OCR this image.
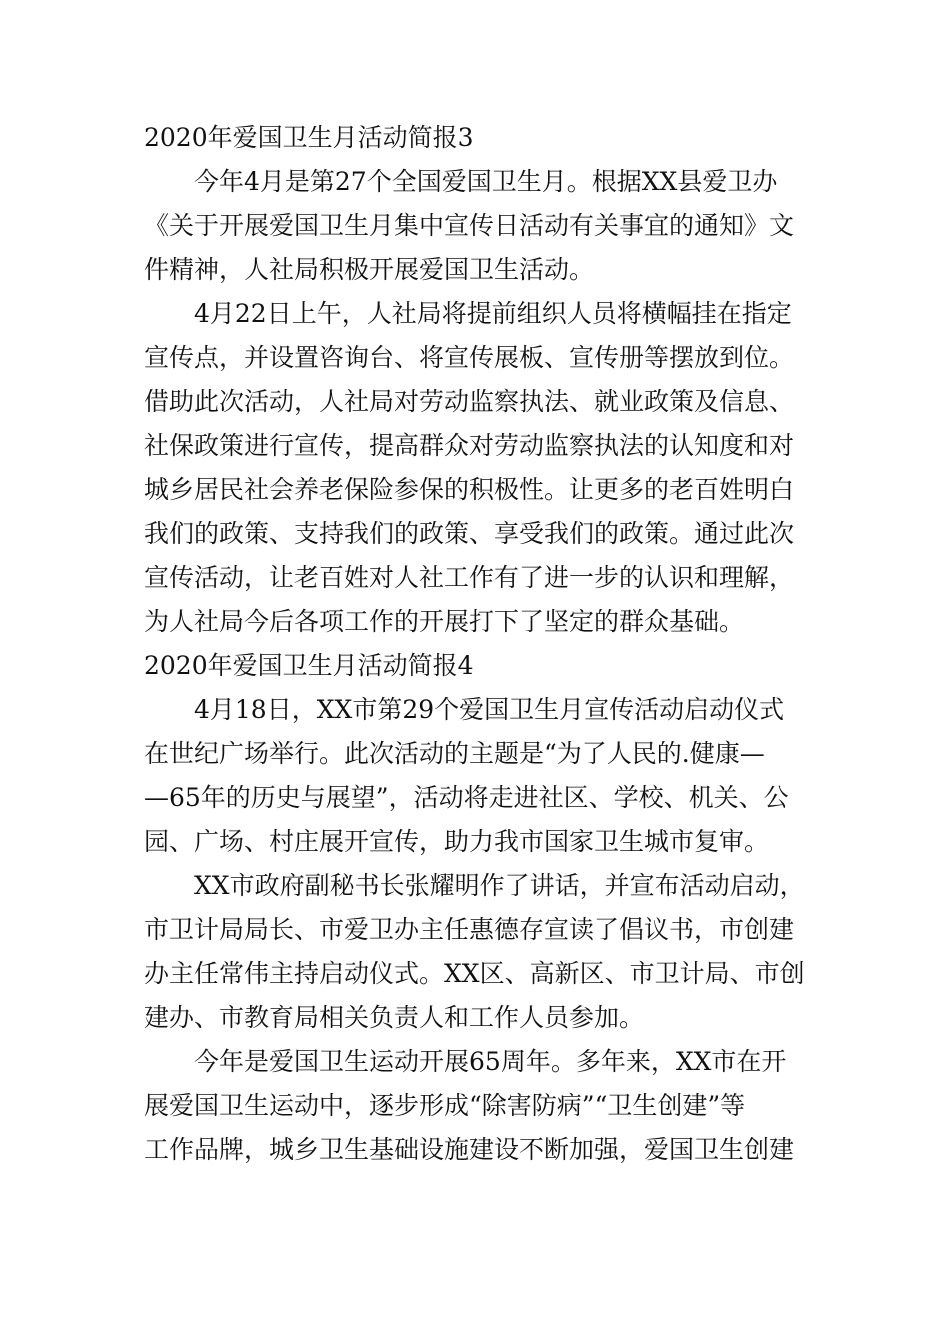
2020年爱国卫生月活动简报3
今年4月是第27个全国爱国卫生月。根据XX县爱卫办
《关于开展爱国卫生月集中宣传日活动有关事宜的通知》文
件精神，人社局积极开展爱国卫生活动。
4月22日上午，人社局将提前组织人员将横幅挂在指定
宣传点，并设置咨询台、将宣传展板、宣传册等摆放到位。
借助此次活动，人社局对劳动监察执法、就业政策及信息、
社保政策进行宣传，提高群众对劳动监察执法的认知度和对
城乡居民社会养老保险参保的积极性。让更多的老百姓明白
我们的政策、支持我们的政策、享受我们的政策。通过此次
宣传活动，让老百姓对人社工作有了进一步的认识和理解，
为人社局今后各项工作的开展打下了坚定的群众基础。
2020年爱国卫生月活动简报4
4月18日，XX市第29个爱国卫生月宣传活动启动仪式
在世纪广场举行。此次活动的主题是“为了人民的.健康—
—65年的历史与展望”，活动将走进社区、学校、机关、公
园、广场、村庄展开宣传，助力我市国家卫生城市复审。
XX市政府副秘书长张耀明作了讲话，并宣布活动启动，
市卫计局局长、市爱卫办主任惠德存宣读了倡议书，市创建
办主任常伟主持启动仪式。XX区、高新区、市卫计局、市创
建办、市教育局相关负责人和工作人员参加。
今年是爱国卫生运动开展65周年。多年来，XX市在开
展爱国卫生运动中，逐步形成“除害防病”“卫生创建”等
工作品牌，城乡卫生基础设施建设不断加强，爱国卫生创建
